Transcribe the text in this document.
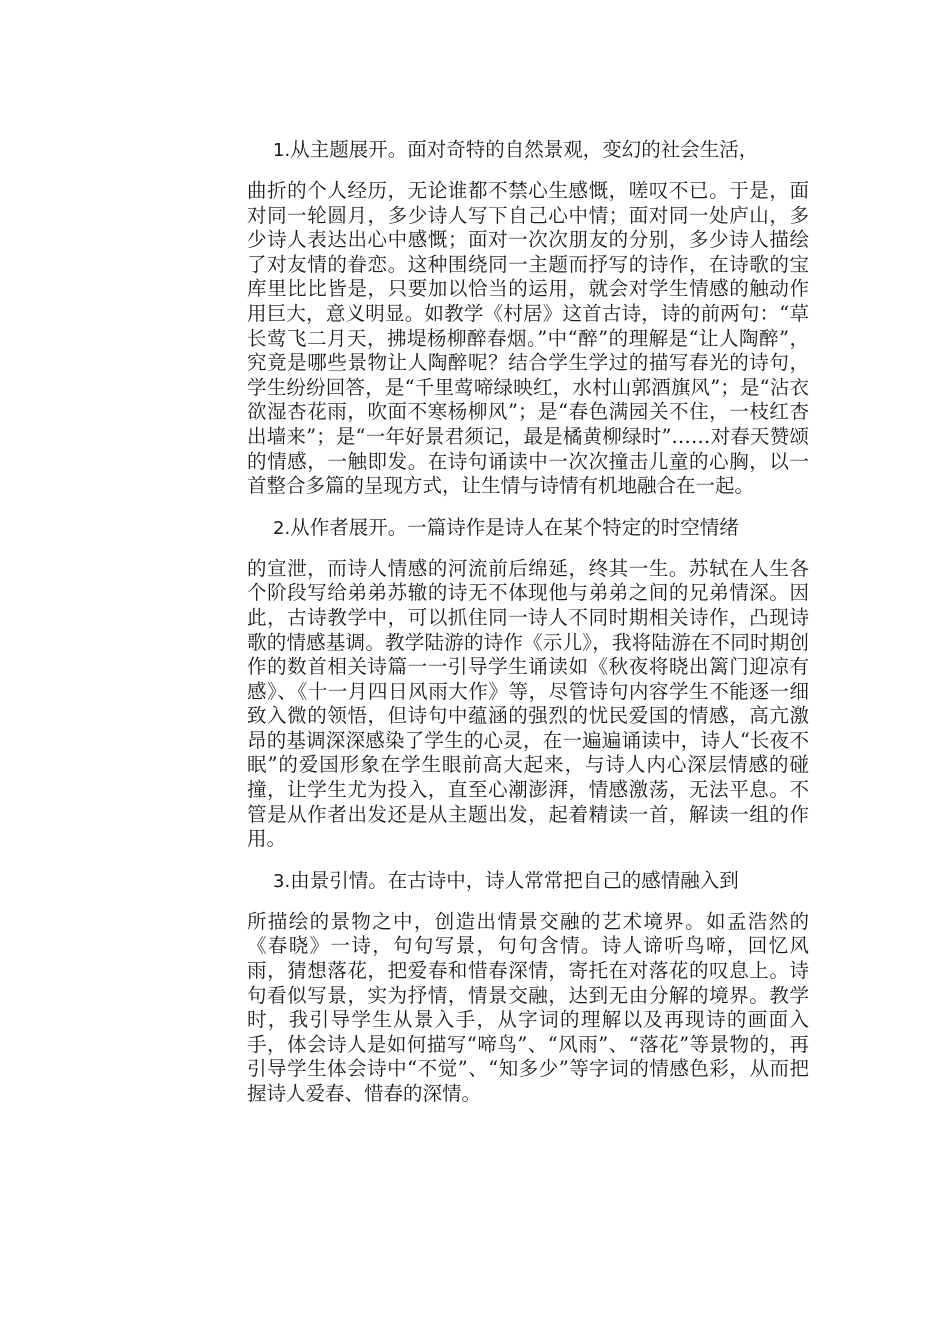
1.从主题展开。面对奇特的自然景观，变幻的社会生活，

曲折的个人经历，无论谁都不禁心生感慨，嗟叹不已。于是，面对同一轮圆月，多少诗人写下自己心中情；面对同一处庐山，多少诗人表达出心中感慨；面对一次次朋友的分别，多少诗人描绘了对友情的眷恋。这种围绕同一主题而抒写的诗作，在诗歌的宝库里比比皆是，只要加以恰当的运用，就会对学生情感的触动作用巨大，意义明显。如教学《村居》这首古诗，诗的前两句：“草长莺飞二月天，拂堤杨柳醉春烟。”中“醉”的理解是“让人陶醉”，究竟是哪些景物让人陶醉呢？结合学生学过的描写春光的诗句，学生纷纷回答，是“千里莺啼绿映红，水村山郭酒旗风”；是“沾衣欲湿杏花雨，吹面不寒杨柳风”；是“春色满园关不住，一枝红杏出墙来”；是“一年好景君须记，最是橘黄柳绿时”……对春天赞颂的情感，一触即发。在诗句诵读中一次次撞击儿童的心胸，以一首整合多篇的呈现方式，让生情与诗情有机地融合在一起。

2.从作者展开。一篇诗作是诗人在某个特定的时空情绪

的宣泄，而诗人情感的河流前后绵延，终其一生。苏轼在人生各个阶段写给弟弟苏辙的诗无不体现他与弟弟之间的兄弟情深。因此，古诗教学中，可以抓住同一诗人不同时期相关诗作，凸现诗歌的情感基调。教学陆游的诗作《示儿》，我将陆游在不同时期创作的数首相关诗篇一一引导学生诵读如《秋夜将晓出篱门迎凉有感》、《十一月四日风雨大作》等，尽管诗句内容学生不能逐一细致入微的领悟，但诗句中蕴涵的强烈的忧民爱国的情感，高亢激昂的基调深深感染了学生的心灵，在一遍遍诵读中，诗人“长夜不眠”的爱国形象在学生眼前高大起来，与诗人内心深层情感的碰撞，让学生尤为投入，直至心潮澎湃，情感激荡，无法平息。不管是从作者出发还是从主题出发，起着精读一首，解读一组的作用。

3.由景引情。在古诗中，诗人常常把自己的感情融入到

所描绘的景物之中，创造出情景交融的艺术境界。如孟浩然的《春晓》一诗，句句写景，句句含情。诗人谛听鸟啼，回忆风雨，猜想落花，把爱春和惜春深情，寄托在对落花的叹息上。诗句看似写景，实为抒情，情景交融，达到无由分解的境界。教学时，我引导学生从景入手，从字词的理解以及再现诗的画面入手，体会诗人是如何描写“啼鸟”、“风雨”、“落花”等景物的，再引导学生体会诗中“不觉”、“知多少”等字词的情感色彩，从而把握诗人爱春、惜春的深情。
